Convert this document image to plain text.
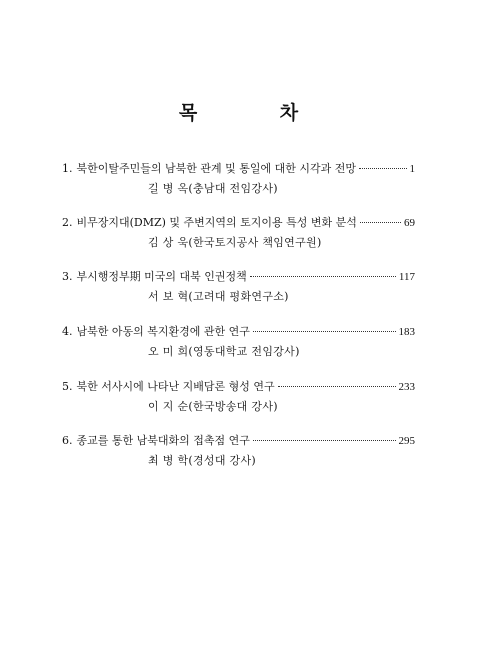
목 차
1. 북한이탈주민들의 남북한 관계 및 통일에 대한 시각과 전망	1
길 병 옥(충남대 전임강사)
2. 비무장지대(DMZ) 및 주변지역의 토지이용 특성 변화 분석	69
김 상 욱(한국토지공사 책임연구원)
3. 부시행정부期 미국의 대북 인권정책	117
서 보 혁(고려대 평화연구소)
4. 남북한 아동의 복지환경에 관한 연구	183
오 미 희(영동대학교 전임강사)
5. 북한 서사시에 나타난 지배담론 형성 연구	233
이 지 순(한국방송대 강사)
6. 종교를 통한 남북대화의 접촉점 연구	295
최 병 학(경성대 강사)
